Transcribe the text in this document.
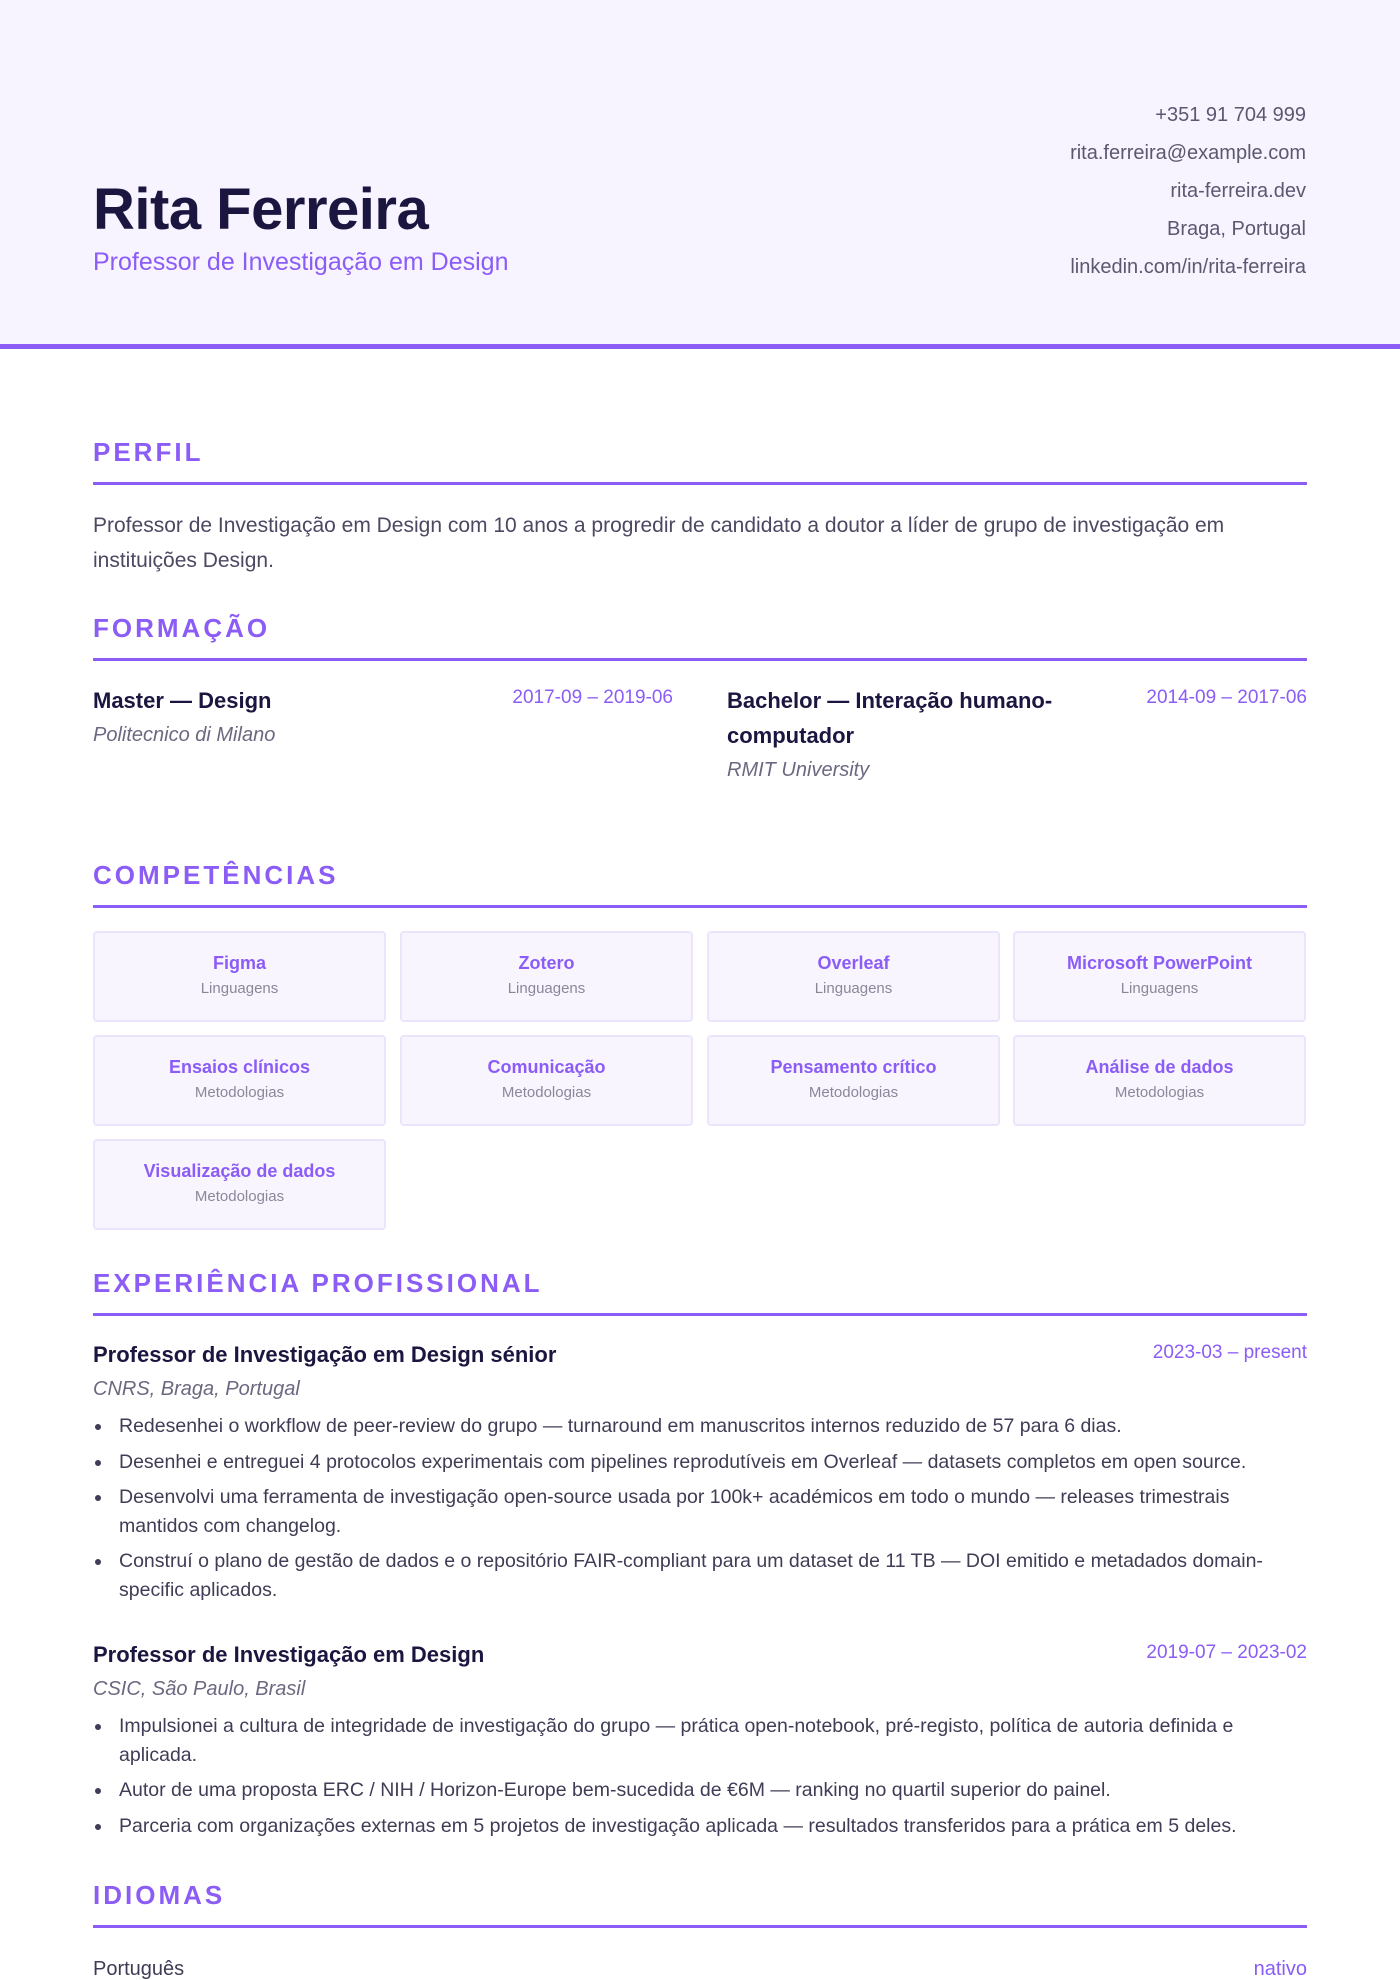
Rita Ferreira
Professor de Investigação em Design
+351 91 704 999
rita.ferreira@example.com
rita-ferreira.dev
Braga, Portugal
linkedin.com/in/rita-ferreira
PERFIL
Professor de Investigação em Design com 10 anos a progredir de candidato a doutor a líder de grupo de investigação em instituições Design.
FORMAÇÃO
Master — Design	2017-09 – 2019-06
Politecnico di Milano
Bachelor — Interação humano-computador
2014-09 – 2017-06
RMIT University
COMPETÊNCIAS
Figma
Linguagens
Zotero
Linguagens
Overleaf
Linguagens
Microsoft PowerPoint
Linguagens
Ensaios clínicos
Metodologias
Comunicação
Metodologias
Pensamento crítico
Metodologias
Análise de dados
Metodologias
Visualização de dados
Metodologias
EXPERIÊNCIA PROFISSIONAL
Professor de Investigação em Design sénior	2023-03 – present
CNRS, Braga, Portugal
Redesenhei o workflow de peer-review do grupo — turnaround em manuscritos internos reduzido de 57 para 6 dias.
Desenhei e entreguei 4 protocolos experimentais com pipelines reprodutíveis em Overleaf — datasets completos em open source.
Desenvolvi uma ferramenta de investigação open-source usada por 100k+ académicos em todo o mundo — releases trimestrais mantidos com changelog.
Construí o plano de gestão de dados e o repositório FAIR-compliant para um dataset de 11 TB — DOI emitido e metadados domain-specific aplicados.
Professor de Investigação em Design	2019-07 – 2023-02
CSIC, São Paulo, Brasil
Impulsionei a cultura de integridade de investigação do grupo — prática open-notebook, pré-registo, política de autoria definida e aplicada.
Autor de uma proposta ERC / NIH / Horizon-Europe bem-sucedida de €6M — ranking no quartil superior do painel.
Parceria com organizações externas em 5 projetos de investigação aplicada — resultados transferidos para a prática em 5 deles.
IDIOMAS
Português	nativo
